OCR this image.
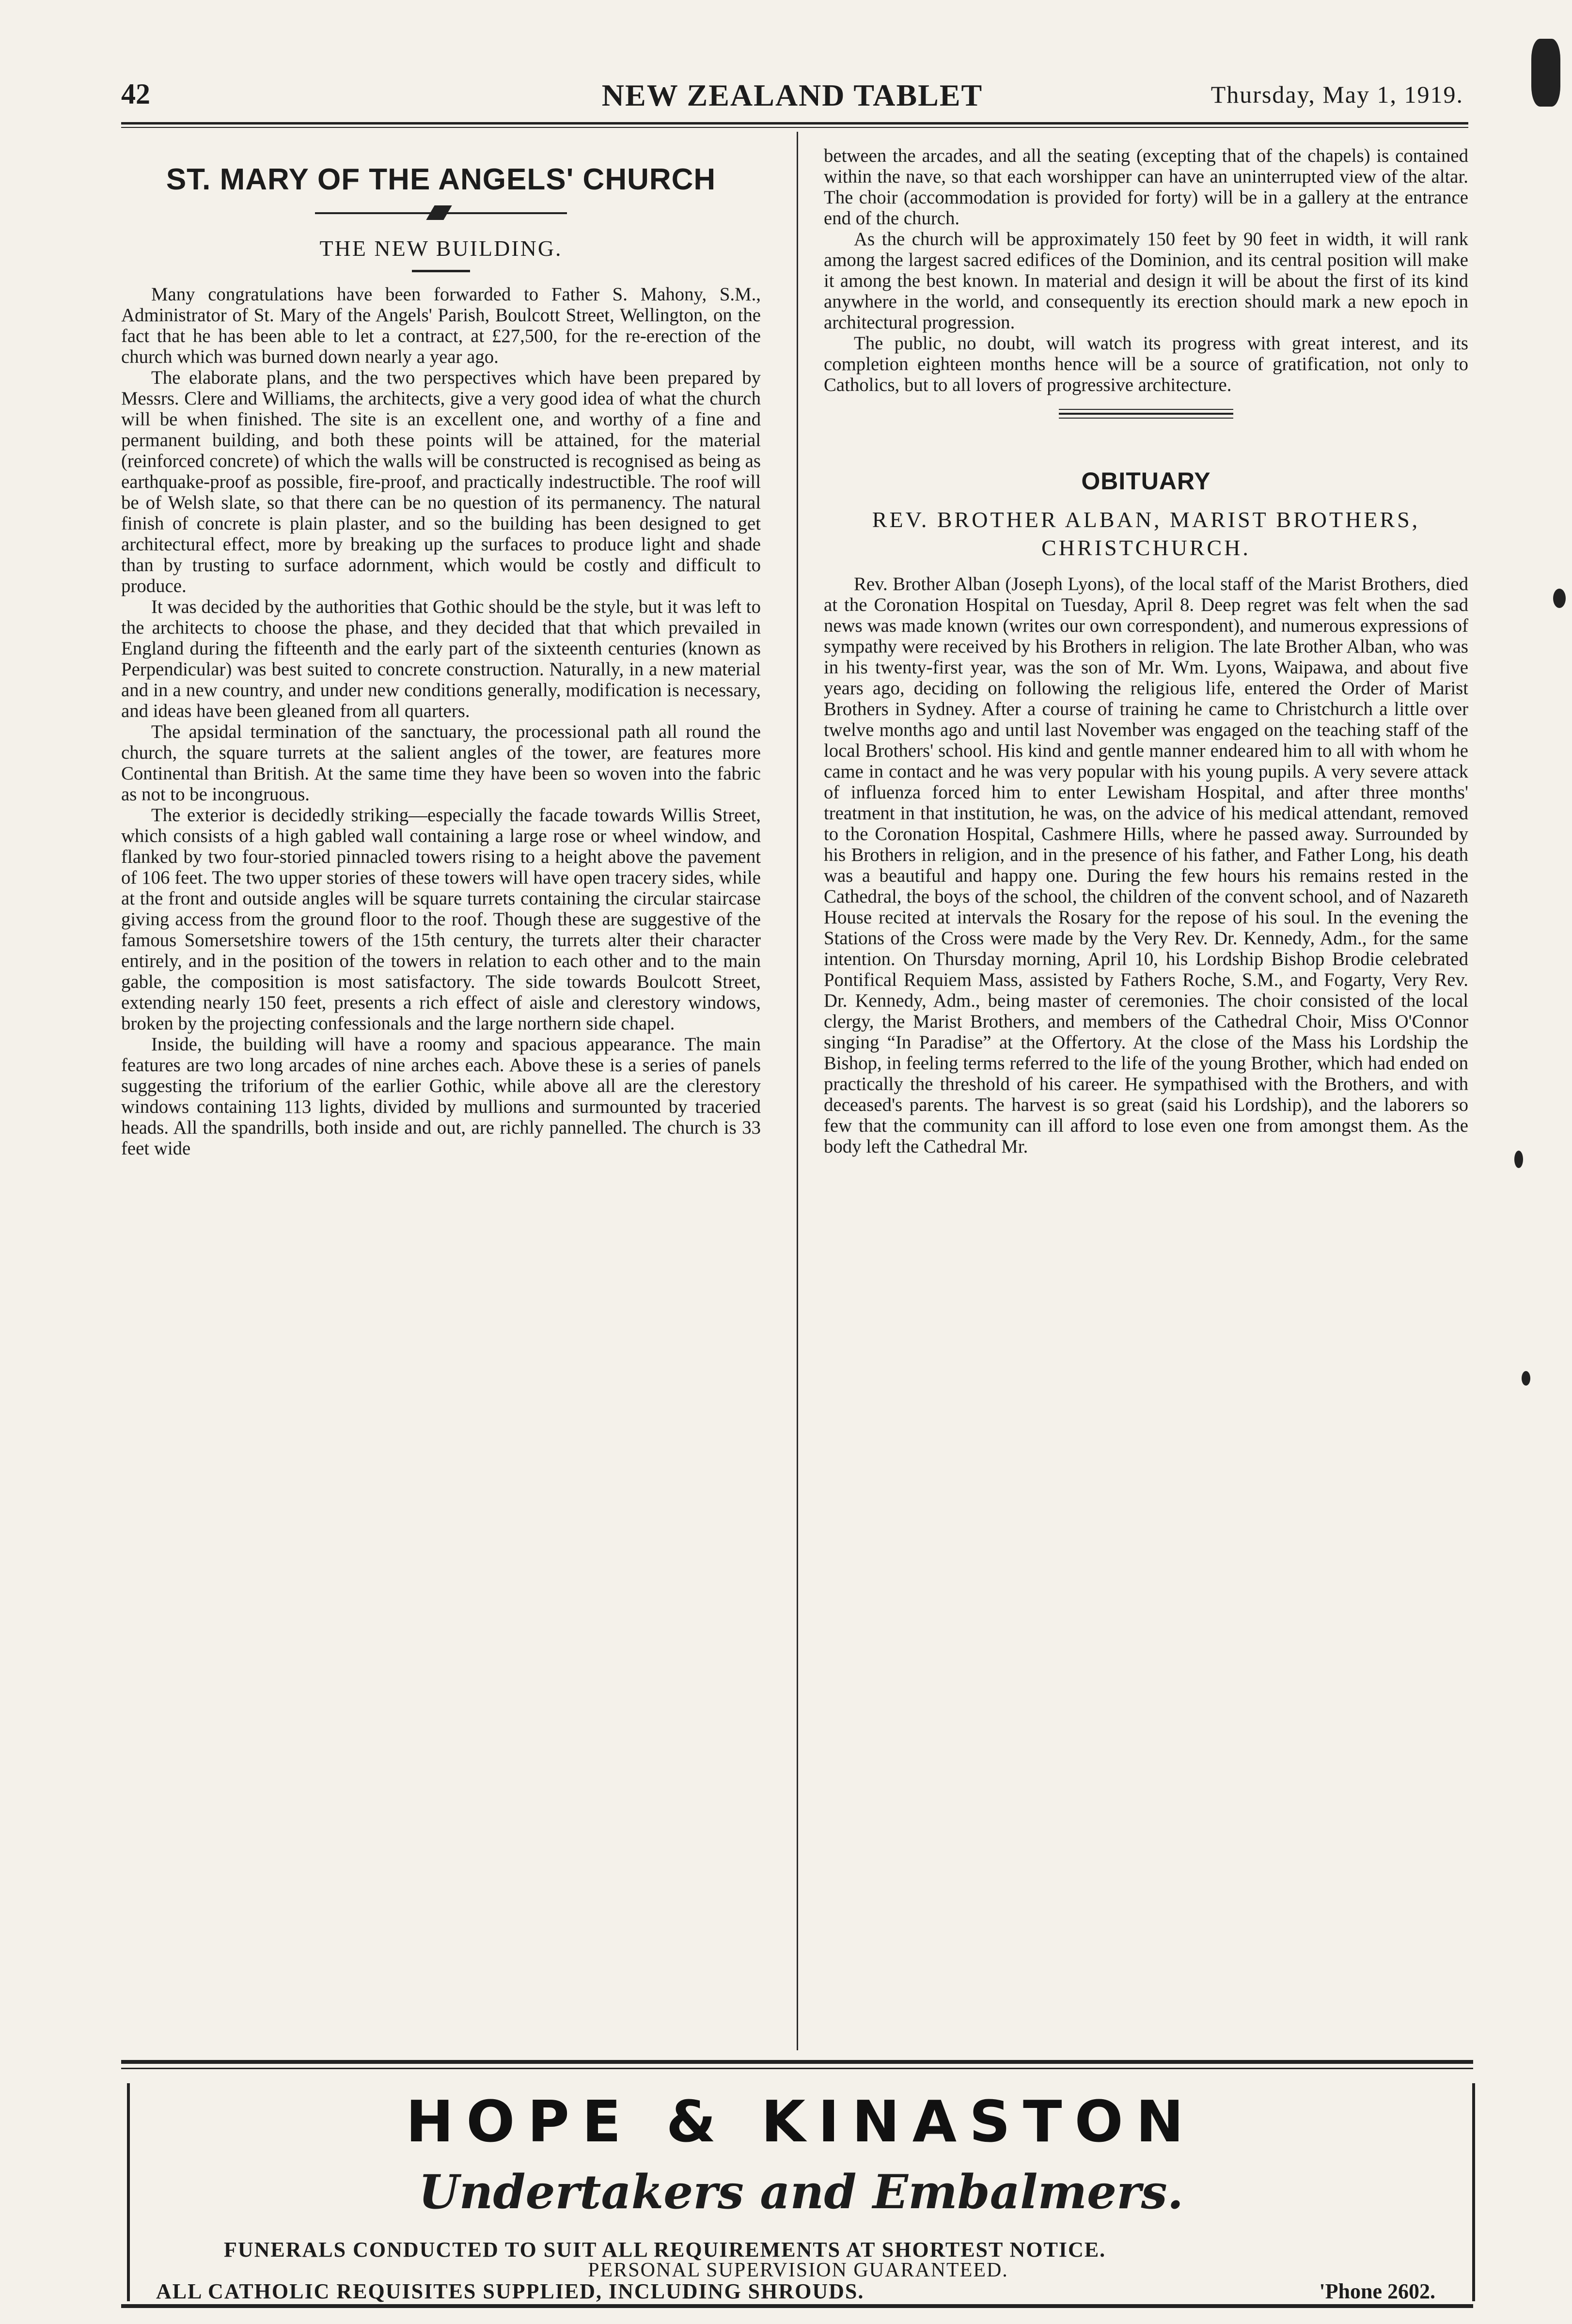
42	NEW ZEALAND TABLET	Thursday, May 1, 1919.
ST. MARY OF THE ANGELS' CHURCH
THE NEW BUILDING.

Many congratulations have been forwarded to Father S. Mahony, S.M., Administrator of St. Mary of the Angels' Parish, Boulcott Street, Wellington, on the fact that he has been able to let a contract, at £27,500, for the re-erection of the church which was burned down nearly a year ago.

The elaborate plans, and the two perspectives which have been prepared by Messrs. Clere and Williams, the architects, give a very good idea of what the church will be when finished. The site is an excellent one, and worthy of a fine and permanent building, and both these points will be attained, for the material (reinforced concrete) of which the walls will be constructed is recognised as being as earthquake-proof as possible, fire-proof, and practically indestructible. The roof will be of Welsh slate, so that there can be no question of its permanency. The natural finish of concrete is plain plaster, and so the building has been designed to get architectural effect, more by breaking up the surfaces to produce light and shade than by trusting to surface adornment, which would be costly and difficult to produce.

It was decided by the authorities that Gothic should be the style, but it was left to the architects to choose the phase, and they decided that that which prevailed in England during the fifteenth and the early part of the sixteenth centuries (known as Perpendicular) was best suited to concrete construction. Naturally, in a new material and in a new country, and under new conditions generally, modification is necessary, and ideas have been gleaned from all quarters.

The apsidal termination of the sanctuary, the processional path all round the church, the square turrets at the salient angles of the tower, are features more Continental than British. At the same time they have been so woven into the fabric as not to be incongruous.

The exterior is decidedly striking—especially the facade towards Willis Street, which consists of a high gabled wall containing a large rose or wheel window, and flanked by two four-storied pinnacled towers rising to a height above the pavement of 106 feet. The two upper stories of these towers will have open tracery sides, while at the front and outside angles will be square turrets containing the circular staircase giving access from the ground floor to the roof. Though these are suggestive of the famous Somersetshire towers of the 15th century, the turrets alter their character entirely, and in the position of the towers in relation to each other and to the main gable, the composition is most satisfactory. The side towards Boulcott Street, extending nearly 150 feet, presents a rich effect of aisle and clerestory windows, broken by the projecting confessionals and the large northern side chapel.

Inside, the building will have a roomy and spacious appearance. The main features are two long arcades of nine arches each. Above these is a series of panels suggesting the triforium of the earlier Gothic, while above all are the clerestory windows containing 113 lights, divided by mullions and surmounted by traceried heads. All the spandrills, both inside and out, are richly pannelled. The church is 33 feet wide

between the arcades, and all the seating (excepting that of the chapels) is contained within the nave, so that each worshipper can have an uninterrupted view of the altar. The choir (accommodation is provided for forty) will be in a gallery at the entrance end of the church.

As the church will be approximately 150 feet by 90 feet in width, it will rank among the largest sacred edifices of the Dominion, and its central position will make it among the best known. In material and design it will be about the first of its kind anywhere in the world, and consequently its erection should mark a new epoch in architectural progression.

The public, no doubt, will watch its progress with great interest, and its completion eighteen months hence will be a source of gratification, not only to Catholics, but to all lovers of progressive architecture.

OBITUARY
REV. BROTHER ALBAN, MARIST BROTHERS, CHRISTCHURCH.

Rev. Brother Alban (Joseph Lyons), of the local staff of the Marist Brothers, died at the Coronation Hospital on Tuesday, April 8. Deep regret was felt when the sad news was made known (writes our own correspondent), and numerous expressions of sympathy were received by his Brothers in religion. The late Brother Alban, who was in his twenty-first year, was the son of Mr. Wm. Lyons, Waipawa, and about five years ago, deciding on following the religious life, entered the Order of Marist Brothers in Sydney. After a course of training he came to Christchurch a little over twelve months ago and until last November was engaged on the teaching staff of the local Brothers' school. His kind and gentle manner endeared him to all with whom he came in contact and he was very popular with his young pupils. A very severe attack of influenza forced him to enter Lewisham Hospital, and after three months' treatment in that institution, he was, on the advice of his medical attendant, removed to the Coronation Hospital, Cashmere Hills, where he passed away. Surrounded by his Brothers in religion, and in the presence of his father, and Father Long, his death was a beautiful and happy one. During the few hours his remains rested in the Cathedral, the boys of the school, the children of the convent school, and of Nazareth House recited at intervals the Rosary for the repose of his soul. In the evening the Stations of the Cross were made by the Very Rev. Dr. Kennedy, Adm., for the same intention. On Thursday morning, April 10, his Lordship Bishop Brodie celebrated Pontifical Requiem Mass, assisted by Fathers Roche, S.M., and Fogarty, Very Rev. Dr. Kennedy, Adm., being master of ceremonies. The choir consisted of the local clergy, the Marist Brothers, and members of the Cathedral Choir, Miss O'Connor singing “In Paradise” at the Offertory. At the close of the Mass his Lordship the Bishop, in feeling terms referred to the life of the young Brother, which had ended on practically the threshold of his career. He sympathised with the Brothers, and with deceased's parents. The harvest is so great (said his Lordship), and the laborers so few that the community can ill afford to lose even one from amongst them. As the body left the Cathedral Mr.

HOPE & KINASTON
Undertakers and Embalmers.
FUNERALS CONDUCTED TO SUIT ALL REQUIREMENTS AT SHORTEST NOTICE.
PERSONAL SUPERVISION GUARANTEED.
ALL CATHOLIC REQUISITES SUPPLIED, INCLUDING SHROUDS.	'Phone 2602.
